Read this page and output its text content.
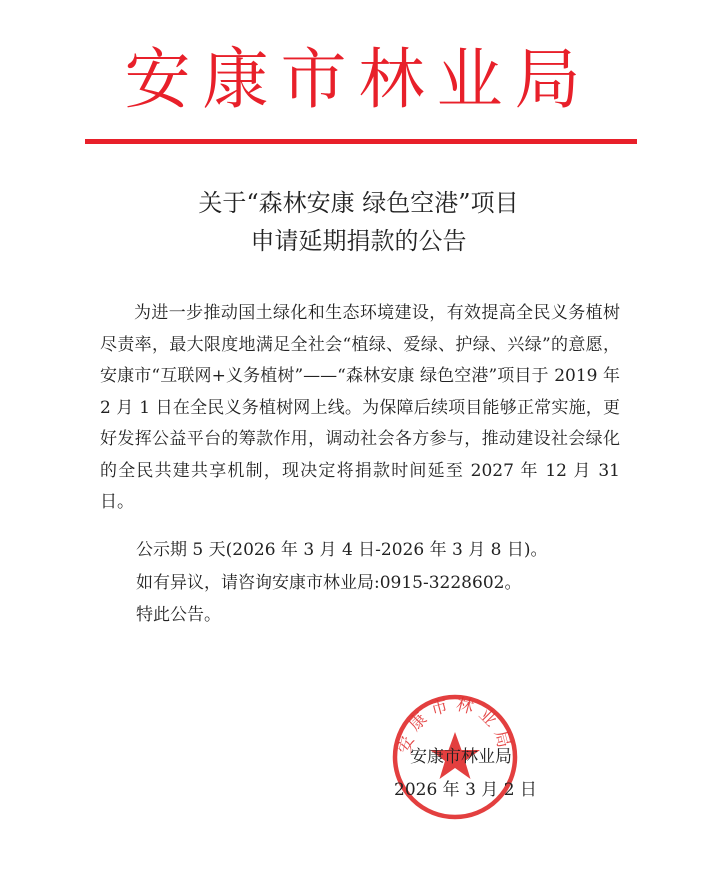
安康市林业局
关于“森林安康 绿色空港”项目
申请延期捐款的公告

为进一步推动国土绿化和生态环境建设，有效提高全民义务植树尽责率，最大限度地满足全社会“植绿、爱绿、护绿、兴绿”的意愿，安康市“互联网+义务植树”——“森林安康 绿色空港”项目于 2019 年 2 月 1 日在全民义务植树网上线。为保障后续项目能够正常实施，更好发挥公益平台的筹款作用，调动社会各方参与，推动建设社会绿化的全民共建共享机制，现决定将捐款时间延至 2027 年 12 月 31 日。

公示期 5 天(2026 年 3 月 4 日-2026 年 3 月 8 日)。
如有异议，请咨询安康市林业局:0915-3228602。
特此公告。
安康市林业局
安康市林业局
2026 年 3 月 2 日
